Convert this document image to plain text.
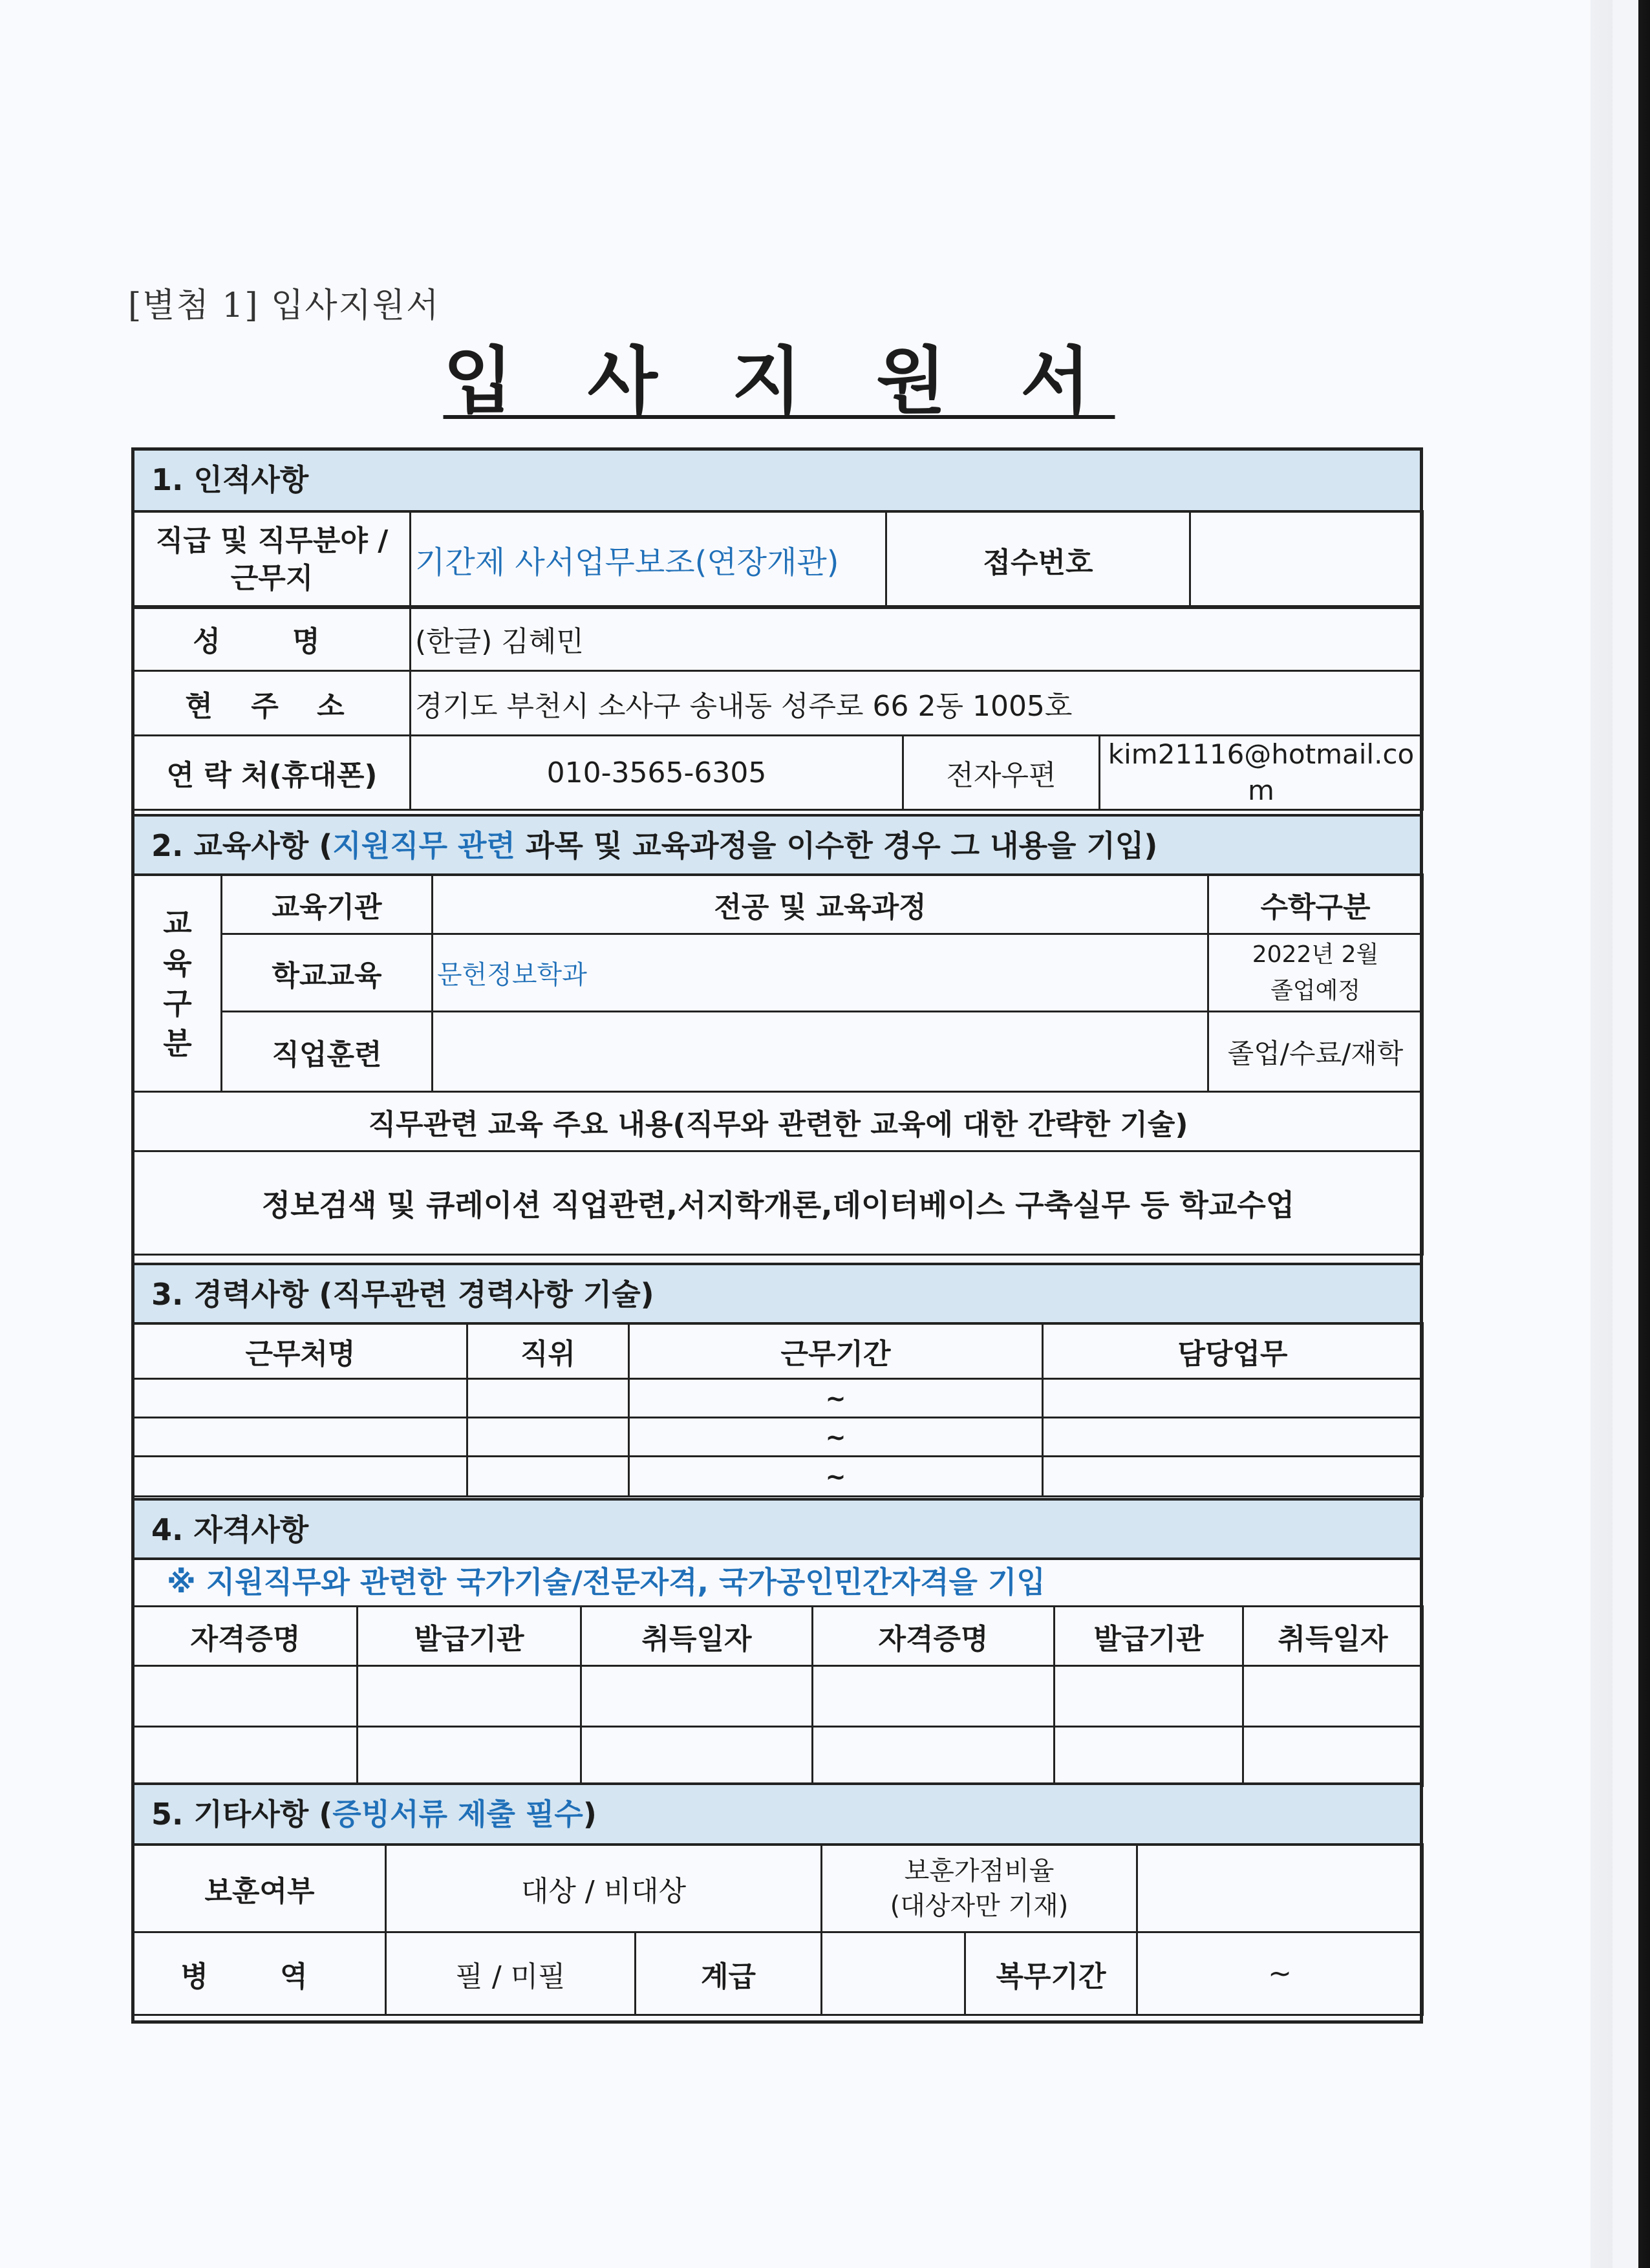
[별첨 1] 입사지원서
입 사 지 원 서
1. 인적사항
직급 및 직무분야 / 근무지	기간제 사서업무보조(연장개관)	접수번호	
성 명	(한글) 김혜민		
현 주 소	경기도 부천시 소사구 송내동 성주로 66 2동 1005호		
연 락 처(휴대폰)	010-3565-6305	전자우편	kim21116@hotmail.com
2. 교육사항 (지원직무 관련 과목 및 교육과정을 이수한 경우 그 내용을 기입)
교육구분	교육기관	전공 및 교육과정	수학구분
	학교교육	문헌정보학과	2022년 2월
졸업예정

	직업훈련		졸업/수료/재학
직무관련 교육 주요 내용(직무와 관련한 교육에 대한 간략한 기술)
정보검색 및 큐레이션 직업관련,서지학개론,데이터베이스 구축실무 등 학교수업
3. 경력사항 (직무관련 경력사항 기술)
근무처명	직위	근무기간	담당업무
		~	
		~	
		~	
4. 자격사항
※ 지원직무와 관련한 국가기술/전문자격, 국가공인민간자격을 기입
자격증명	발급기관	취득일자	자격증명	발급기관	취득일자

5. 기타사항 (증빙서류 제출 필수)
보훈여부	대상 / 비대상		보훈가점비율
(대상자만 기재)		

병 역	필 / 미필	계급		복무기간	~
